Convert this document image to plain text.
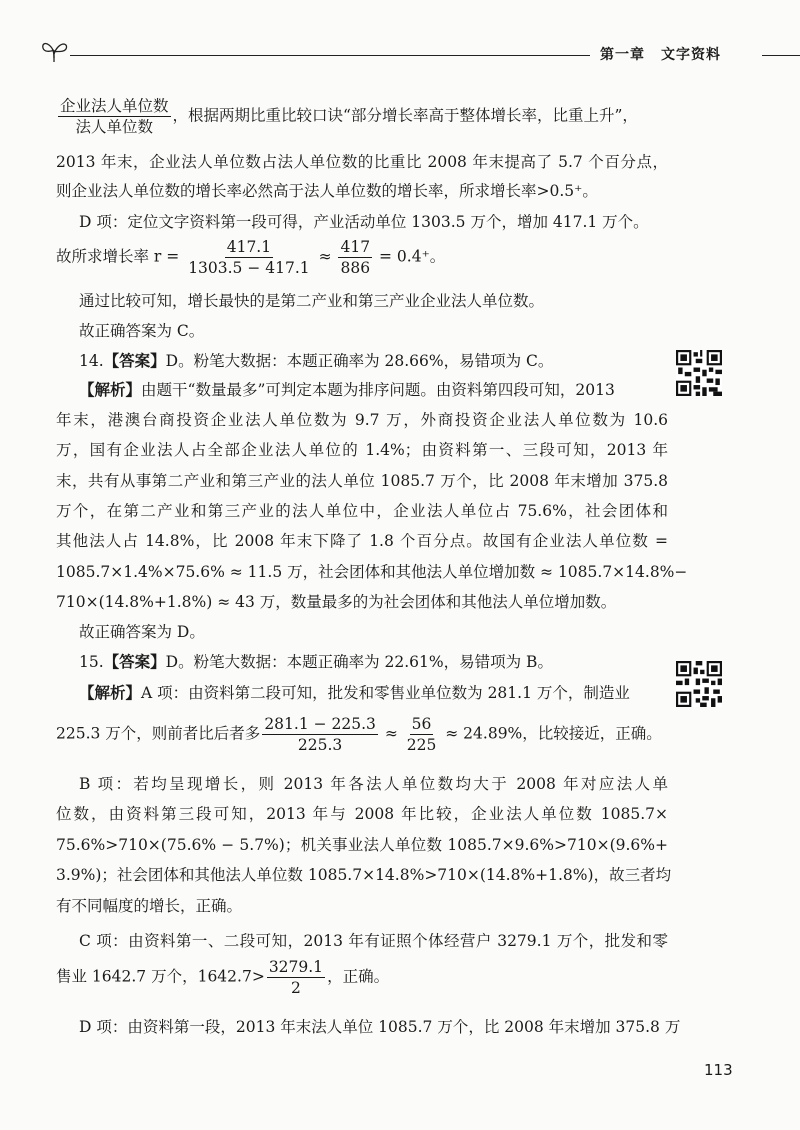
第一章 文字资料
$\frac{\text{企业法人单位数}}{\text{法人单位数}}$ ，根据两期比重比较口诀“部分增长率高于整体增长率，比重上升”，
2013 年末，企业法人单位数占法人单位数的比重比 2008 年末提高了 5.7 个百分点，
则企业法人单位数的增长率必然高于法人单位数的增长率，所求增长率>0.5⁺。
D 项：定位文字资料第一段可得，产业活动单位 1303.5 万个，增加 417.1 万个。
故所求增长率 $r = \frac{417.1}{1303.5 - 417.1} \approx \frac{417}{886} = 0.4^+$。
通过比较可知，增长最快的是第二产业和第三产业企业法人单位数。
故正确答案为 C。
14.【答案】D。粉笔大数据：本题正确率为 28.66%，易错项为 C。
【解析】由题干“数量最多”可判定本题为排序问题。由资料第四段可知，2013
年末，港澳台商投资企业法人单位数为 9.7 万，外商投资企业法人单位数为 10.6
万，国有企业法人占全部企业法人单位的 1.4%；由资料第一、三段可知，2013 年
末，共有从事第二产业和第三产业的法人单位 1085.7 万个，比 2008 年末增加 375.8
万个，在第二产业和第三产业的法人单位中，企业法人单位占 75.6%，社会团体和
其他法人占 14.8%，比 2008 年末下降了 1.8 个百分点。故国有企业法人单位数 =
1085.7×1.4%×75.6% ≈ 11.5 万，社会团体和其他法人单位增加数 ≈ 1085.7×14.8%−
710×(14.8%+1.8%) ≈ 43 万，数量最多的为社会团体和其他法人单位增加数。
故正确答案为 D。
15.【答案】D。粉笔大数据：本题正确率为 22.61%，易错项为 B。
【解析】A 项：由资料第二段可知，批发和零售业单位数为 281.1 万个，制造业
225.3 万个，则前者比后者多 $\frac{281.1 - 225.3}{225.3} \approx \frac{56}{225} \approx 24.89\%$，比较接近，正确。
B 项：若均呈现增长，则 2013 年各法人单位数均大于 2008 年对应法人单
位数，由资料第三段可知，2013 年与 2008 年比较，企业法人单位数 1085.7×
75.6%>710×(75.6% − 5.7%)；机关事业法人单位数 1085.7×9.6%>710×(9.6%+
3.9%)；社会团体和其他法人单位数 1085.7×14.8%>710×(14.8%+1.8%)，故三者均
有不同幅度的增长，正确。
C 项：由资料第一、二段可知，2013 年有证照个体经营户 3279.1 万个，批发和零
售业 1642.7 万个，$1642.7> \frac{3279.1}{2}$ ，正确。
D 项：由资料第一段，2013 年末法人单位 1085.7 万个，比 2008 年末增加 375.8 万
113
